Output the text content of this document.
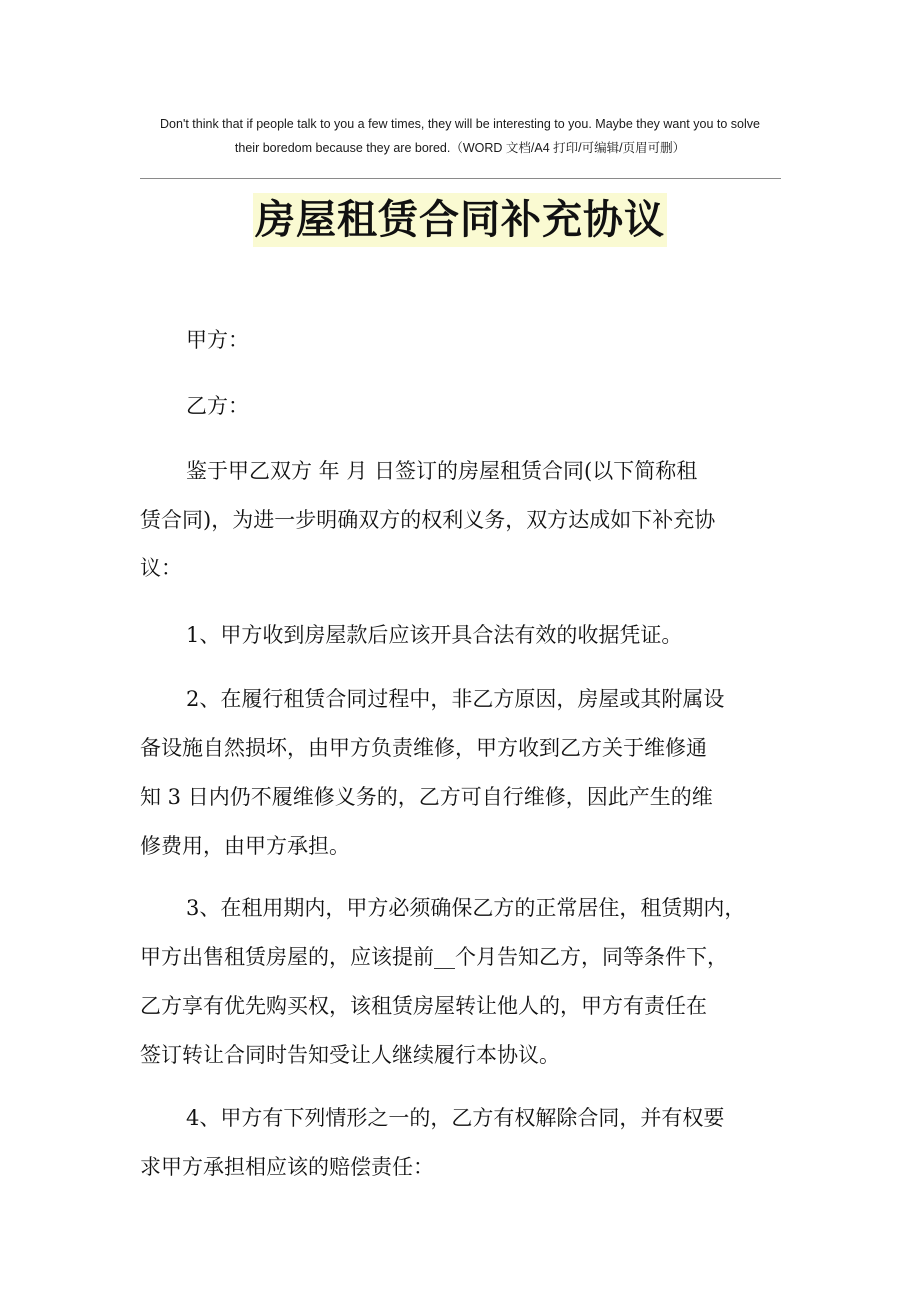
Don't think that if people talk to you a few times, they will be interesting to you. Maybe they want you to solve
their boredom because they are bored.（WORD 文档/A4 打印/可编辑/页眉可删）
房屋租赁合同补充协议

甲方：

乙方：

鉴于甲乙双方 年 月 日签订的房屋租赁合同(以下简称租
赁合同)，为进一步明确双方的权利义务，双方达成如下补充协
议：

1、甲方收到房屋款后应该开具合法有效的收据凭证。

2、在履行租赁合同过程中，非乙方原因，房屋或其附属设
备设施自然损坏，由甲方负责维修，甲方收到乙方关于维修通
知 3 日内仍不履维修义务的，乙方可自行维修，因此产生的维
修费用，由甲方承担。

3、在租用期内，甲方必须确保乙方的正常居住，租赁期内，
甲方出售租赁房屋的，应该提前__个月告知乙方，同等条件下，
乙方享有优先购买权，该租赁房屋转让他人的，甲方有责任在
签订转让合同时告知受让人继续履行本协议。

4、甲方有下列情形之一的，乙方有权解除合同，并有权要
求甲方承担相应该的赔偿责任：
